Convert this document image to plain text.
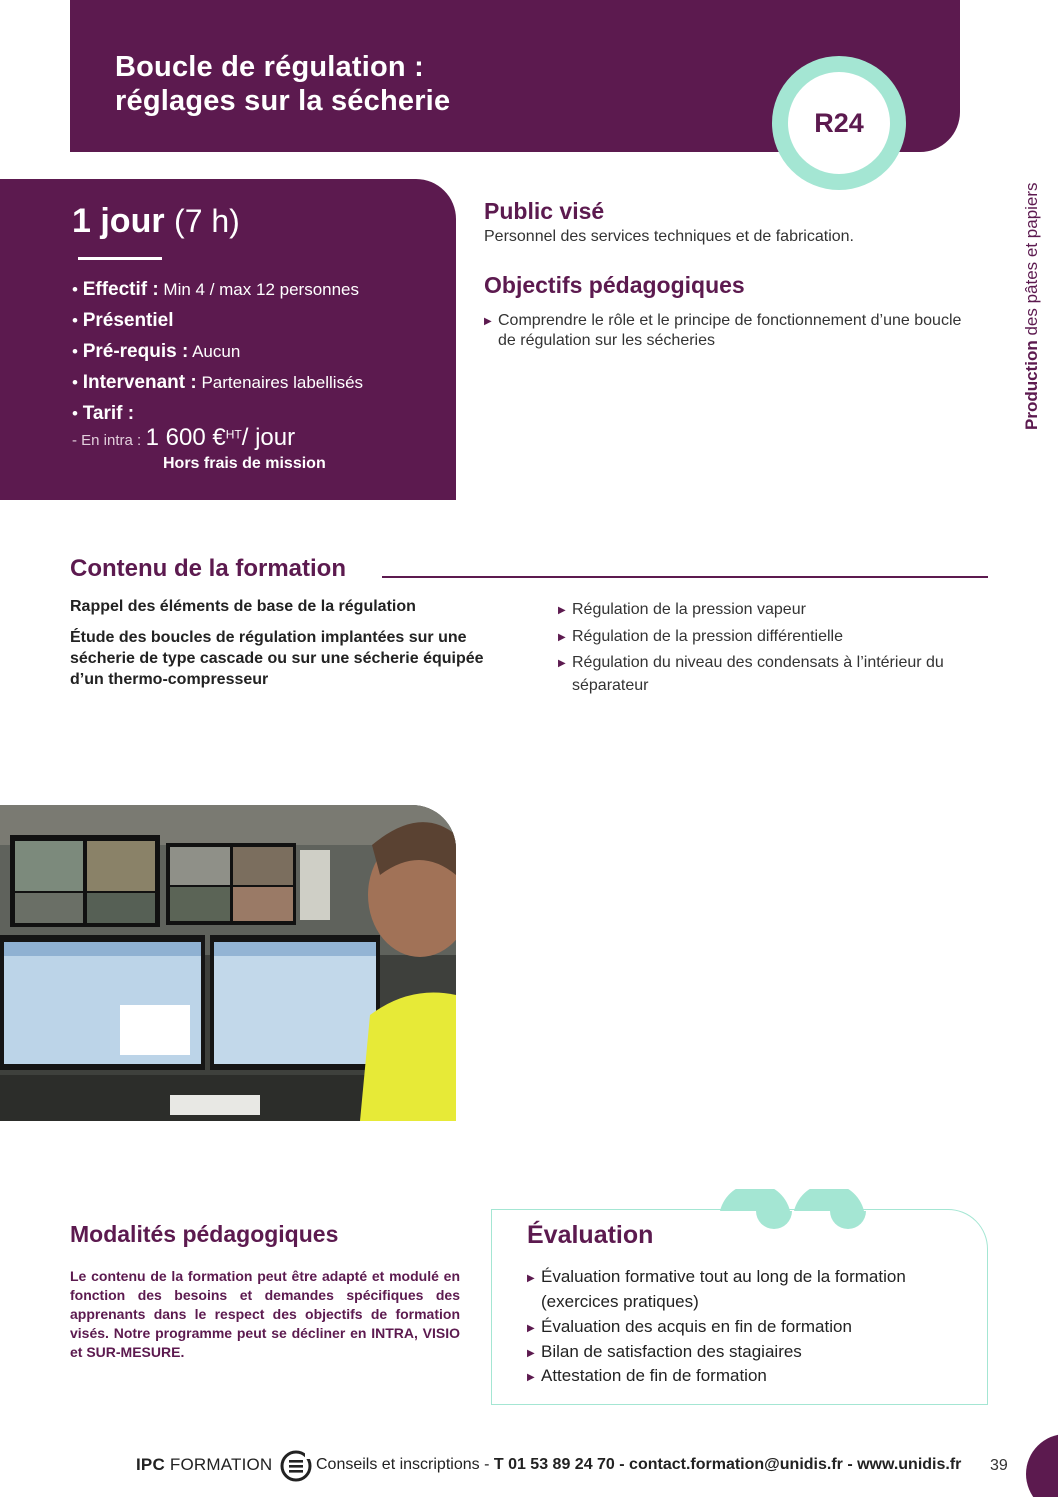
Boucle de régulation :
réglages sur la sécherie
R24
Production des pâtes et papiers
1 jour (7 h)
• Effectif : Min 4 / max 12 personnes
• Présentiel
• Pré-requis : Aucun
• Intervenant : Partenaires labellisés
• Tarif :
- En intra : 1 600 €$^{HT}$/ jour
Hors frais de mission
Public visé
Personnel des services techniques et de fabrication.
Objectifs pédagogiques
▶ Comprendre le rôle et le principe de fonctionnement d’une boucle de régulation sur les sécheries
Contenu de la formation
Rappel des éléments de base de la régulation
Étude des boucles de régulation implantées sur une sécherie de type cascade ou sur une sécherie équipée d’un thermo-compresseur
▶ Régulation de la pression vapeur
▶ Régulation de la pression différentielle
▶ Régulation du niveau des condensats à l’intérieur du séparateur
Modalités pédagogiques
Le contenu de la formation peut être adapté et modulé en fonction des besoins et demandes spécifiques des apprenants dans le respect des objectifs de formation visés. Notre programme peut se décliner en INTRA, VISIO et SUR-MESURE.
Évaluation
▶ Évaluation formative tout au long de la formation (exercices pratiques)
▶ Évaluation des acquis en fin de formation
▶ Bilan de satisfaction des stagiaires
▶ Attestation de fin de formation
IPC FORMATION	Conseils et inscriptions - T 01 53 89 24 70 - contact.formation@unidis.fr - www.unidis.fr 39
